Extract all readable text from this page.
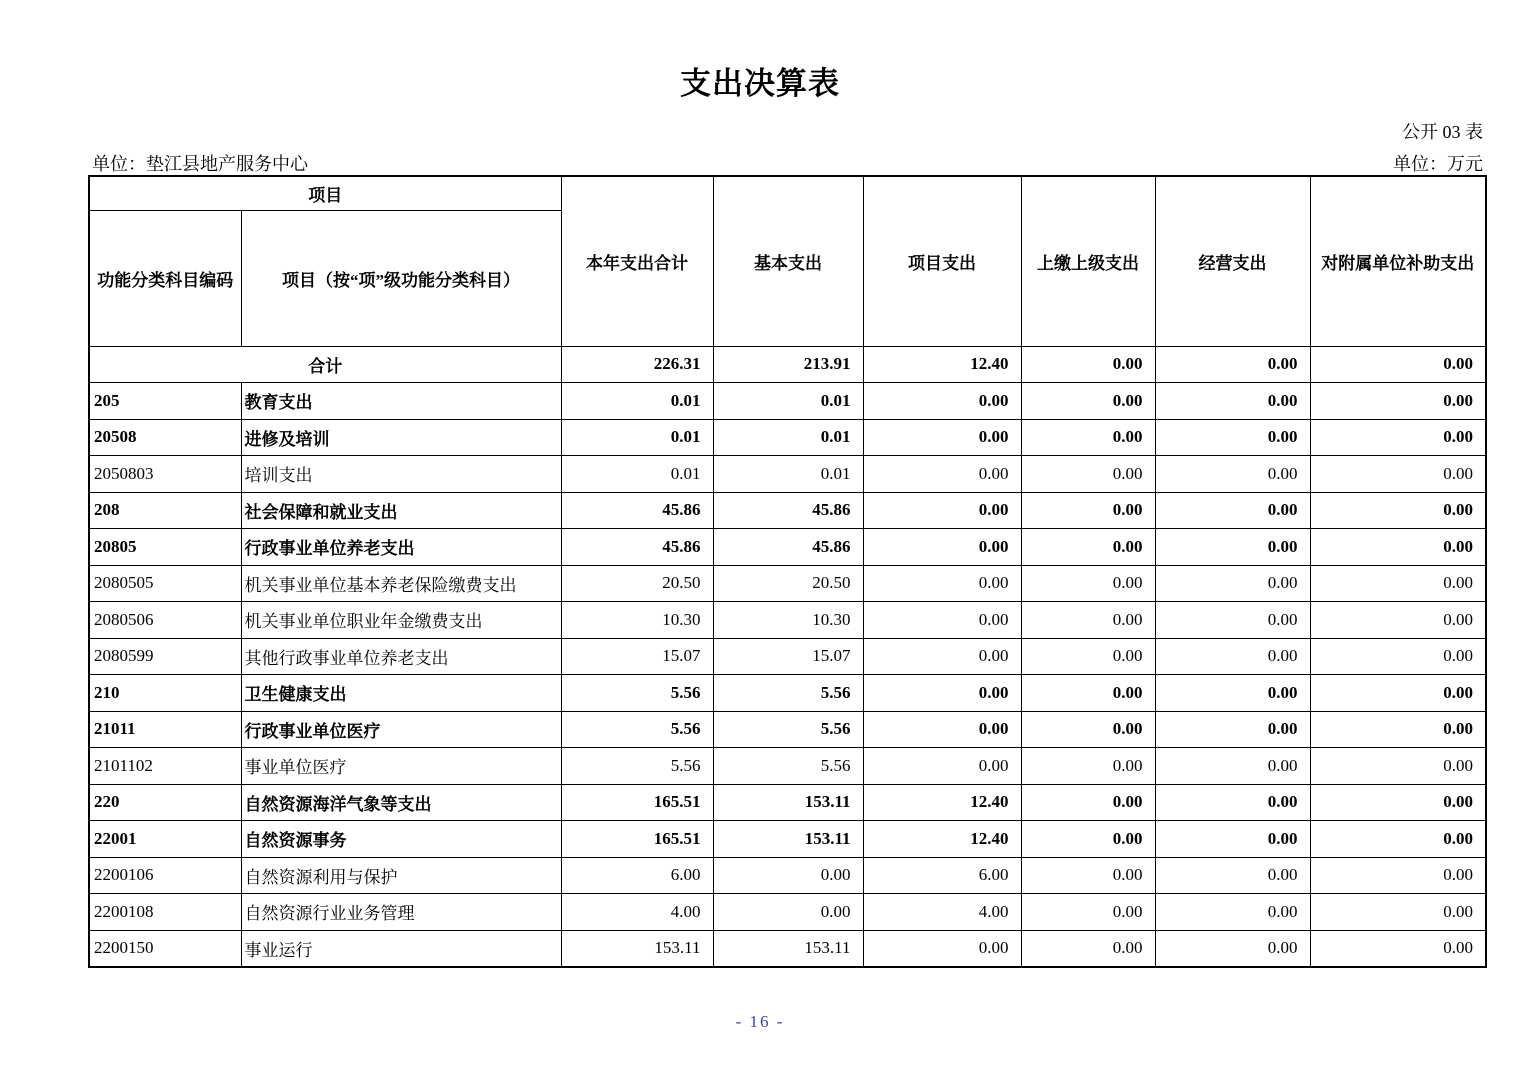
支出决算表
公开 03 表
单位：垫江县地产服务中心	单位：万元
项目		本年支出合计	基本支出	项目支出	上缴上级支出	经营支出	对附属单位补助支出
功能分类科目编码	项目（按“项”级功能分类科目）						
合计		226.31	213.91	12.40	0.00	0.00	0.00
205	教育支出	0.01	0.01	0.00	0.00	0.00	0.00
20508	进修及培训	0.01	0.01	0.00	0.00	0.00	0.00
2050803	培训支出	0.01	0.01	0.00	0.00	0.00	0.00
208	社会保障和就业支出	45.86	45.86	0.00	0.00	0.00	0.00
20805	行政事业单位养老支出	45.86	45.86	0.00	0.00	0.00	0.00
2080505	机关事业单位基本养老保险缴费支出	20.50	20.50	0.00	0.00	0.00	0.00
2080506	机关事业单位职业年金缴费支出	10.30	10.30	0.00	0.00	0.00	0.00
2080599	其他行政事业单位养老支出	15.07	15.07	0.00	0.00	0.00	0.00
210	卫生健康支出	5.56	5.56	0.00	0.00	0.00	0.00
21011	行政事业单位医疗	5.56	5.56	0.00	0.00	0.00	0.00
2101102	事业单位医疗	5.56	5.56	0.00	0.00	0.00	0.00
220	自然资源海洋气象等支出	165.51	153.11	12.40	0.00	0.00	0.00
22001	自然资源事务	165.51	153.11	12.40	0.00	0.00	0.00
2200106	自然资源利用与保护	6.00	0.00	6.00	0.00	0.00	0.00
2200108	自然资源行业业务管理	4.00	0.00	4.00	0.00	0.00	0.00
2200150	事业运行	153.11	153.11	0.00	0.00	0.00	0.00
- 16 -
